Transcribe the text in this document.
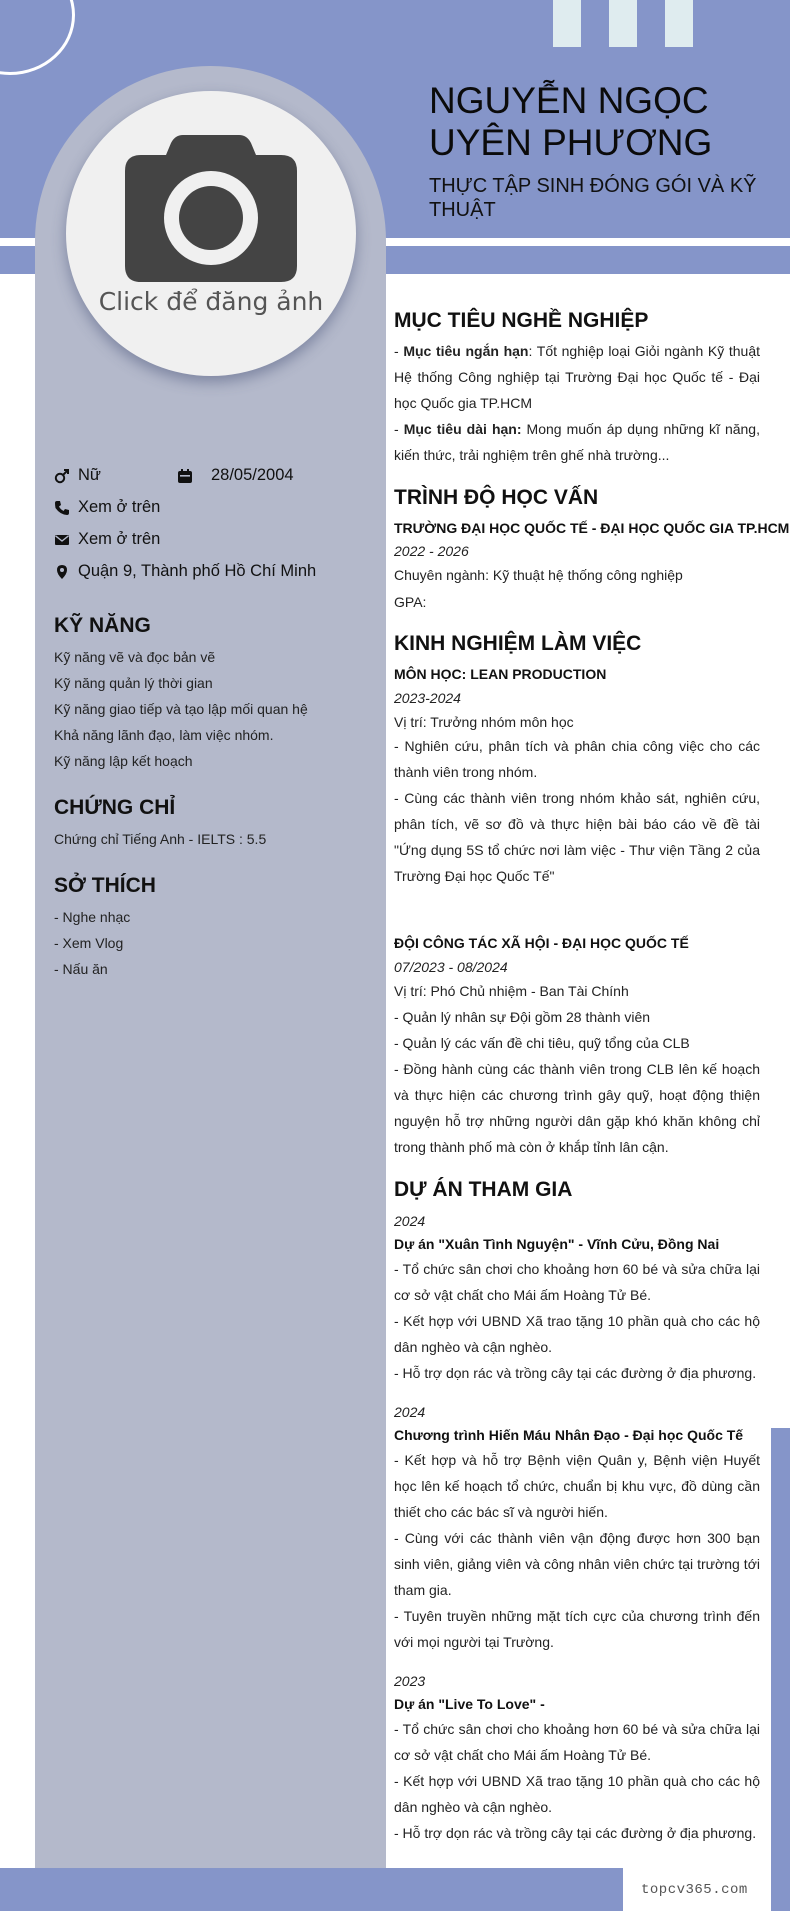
topcv365.com
Click để đăng ảnh
NGUYỄN NGỌC
UYÊN PHƯƠNG
THỰC TẬP SINH ĐÓNG GÓI VÀ KỸ THUẬT
Nữ	28/05/2004
Xem ở trên
Xem ở trên
Quận 9, Thành phố Hồ Chí Minh
KỸ NĂNG
Kỹ năng vẽ và đọc bản vẽ
Kỹ năng quản lý thời gian
Kỹ năng giao tiếp và tạo lập mối quan hệ
Khả năng lãnh đạo, làm việc nhóm.
Kỹ năng lập kết hoạch
CHỨNG CHỈ
Chứng chỉ Tiếng Anh - IELTS : 5.5
SỞ THÍCH
- Nghe nhạc
- Xem Vlog
- Nấu ăn
MỤC TIÊU NGHỀ NGHIỆP
- Mục tiêu ngắn hạn: Tốt nghiệp loại Giỏi ngành Kỹ thuật Hệ thống Công nghiệp tại Trường Đại học Quốc tế - Đại học Quốc gia TP.HCM
- Mục tiêu dài hạn: Mong muốn áp dụng những kĩ năng, kiến thức, trải nghiệm trên ghế nhà trường...
TRÌNH ĐỘ HỌC VẤN
TRƯỜNG ĐẠI HỌC QUỐC TẾ - ĐẠI HỌC QUỐC GIA TP.HCM
2022 - 2026
Chuyên ngành: Kỹ thuật hệ thống công nghiệp
GPA:
KINH NGHIỆM LÀM VIỆC
MÔN HỌC: LEAN PRODUCTION
2023-2024
Vị trí: Trưởng nhóm môn học
- Nghiên cứu, phân tích và phân chia công việc cho các thành viên trong nhóm.
- Cùng các thành viên trong nhóm khảo sát, nghiên cứu, phân tích, vẽ sơ đồ và thực hiện bài báo cáo về đề tài "Ứng dụng 5S tổ chức nơi làm việc - Thư viện Tầng 2 của Trường Đại học Quốc Tế"
ĐỘI CÔNG TÁC XÃ HỘI - ĐẠI HỌC QUỐC TẾ
07/2023 - 08/2024
Vị trí: Phó Chủ nhiệm - Ban Tài Chính
- Quản lý nhân sự Đội gồm 28 thành viên
- Quản lý các vấn đề chi tiêu, quỹ tổng của CLB
- Đồng hành cùng các thành viên trong CLB lên kế hoạch và thực hiện các chương trình gây quỹ, hoạt động thiện nguyện hỗ trợ những người dân gặp khó khăn không chỉ trong thành phố mà còn ở khắp tỉnh lân cận.
DỰ ÁN THAM GIA
2024
Dự án "Xuân Tình Nguyện" - Vĩnh Cửu, Đồng Nai
- Tổ chức sân chơi cho khoảng hơn 60 bé và sửa chữa lại cơ sở vật chất cho Mái ấm Hoàng Tử Bé.
- Kết hợp với UBND Xã trao tặng 10 phần quà cho các hộ dân nghèo và cận nghèo.
- Hỗ trợ dọn rác và trồng cây tại các đường ở địa phương.
2024
Chương trình Hiến Máu Nhân Đạo - Đại học Quốc Tế
- Kết hợp và hỗ trợ Bệnh viện Quân y, Bệnh viện Huyết học lên kế hoạch tổ chức, chuẩn bị khu vực, đồ dùng cần thiết cho các bác sĩ và người hiến.
- Cùng với các thành viên vận động được hơn 300 bạn sinh viên, giảng viên và công nhân viên chức tại trường tới tham gia.
- Tuyên truyền những mặt tích cực của chương trình đến với mọi người tại Trường.
2023
Dự án "Live To Love" -
- Tổ chức sân chơi cho khoảng hơn 60 bé và sửa chữa lại cơ sở vật chất cho Mái ấm Hoàng Tử Bé.
- Kết hợp với UBND Xã trao tặng 10 phần quà cho các hộ dân nghèo và cận nghèo.
- Hỗ trợ dọn rác và trồng cây tại các đường ở địa phương.
